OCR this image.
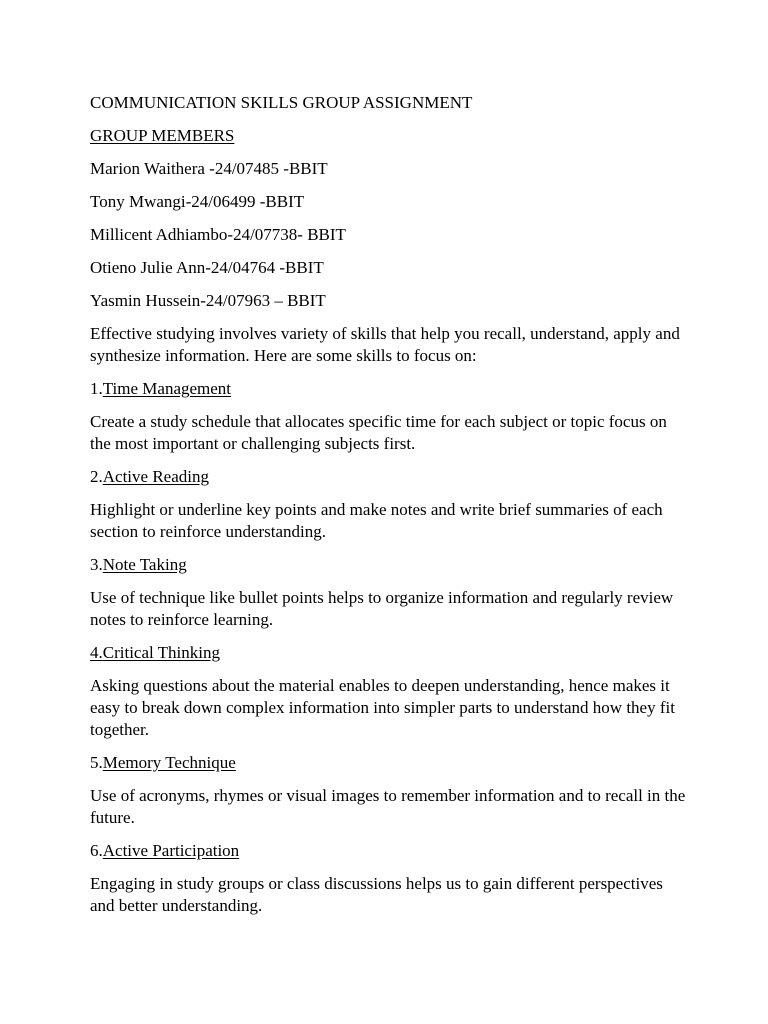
COMMUNICATION SKILLS GROUP ASSIGNMENT

GROUP MEMBERS

Marion Waithera -24/07485 -BBIT

Tony Mwangi-24/06499 -BBIT

Millicent Adhiambo-24/07738- BBIT

Otieno Julie Ann-24/04764 -BBIT

Yasmin Hussein-24/07963 – BBIT

Effective studying involves variety of skills that help you recall, understand, apply and synthesize information. Here are some skills to focus on:

1.Time Management

Create a study schedule that allocates specific time for each subject or topic focus on the most important or challenging subjects first.

2.Active Reading

Highlight or underline key points and make notes and write brief summaries of each section to reinforce understanding.

3.Note Taking

Use of technique like bullet points helps to organize information and regularly review notes to reinforce learning.

4.Critical Thinking

Asking questions about the material enables to deepen understanding, hence makes it easy to break down complex information into simpler parts to understand how they fit together.

5.Memory Technique

Use of acronyms, rhymes or visual images to remember information and to recall in the future.

6.Active Participation

Engaging in study groups or class discussions helps us to gain different perspectives and better understanding.
